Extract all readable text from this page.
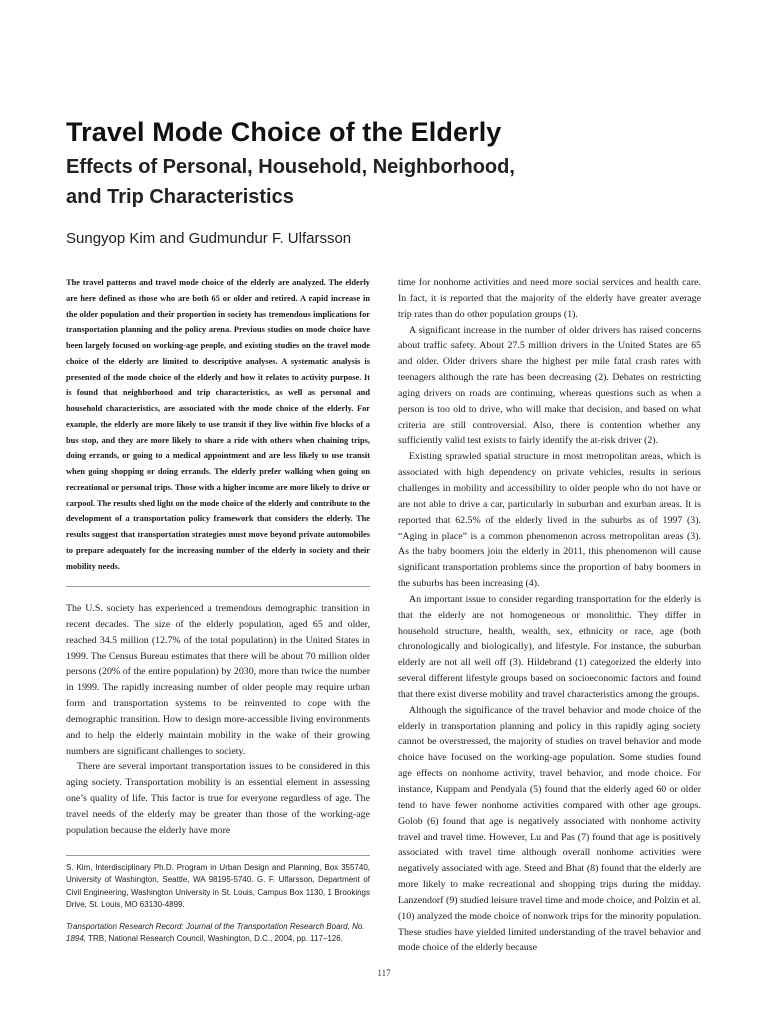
Travel Mode Choice of the Elderly
Effects of Personal, Household, Neighborhood,
and Trip Characteristics

Sungyop Kim and Gudmundur F. Ulfarsson

The travel patterns and travel mode choice of the elderly are analyzed. The elderly are here defined as those who are both 65 or older and retired. A rapid increase in the older population and their proportion in society has tremendous implications for transportation planning and the policy arena. Previous studies on mode choice have been largely focused on working-age people, and existing studies on the travel mode choice of the elderly are limited to descriptive analyses. A systematic analysis is presented of the mode choice of the elderly and how it relates to activity purpose. It is found that neighborhood and trip characteristics, as well as personal and household characteristics, are associated with the mode choice of the elderly. For example, the elderly are more likely to use transit if they live within five blocks of a bus stop, and they are more likely to share a ride with others when chaining trips, doing errands, or going to a medical appointment and are less likely to use transit when going shopping or doing errands. The elderly prefer walking when going on recreational or personal trips. Those with a higher income are more likely to drive or carpool. The results shed light on the mode choice of the elderly and contribute to the development of a transportation policy framework that considers the elderly. The results suggest that transportation strategies must move beyond private automobiles to prepare adequately for the increasing number of the elderly in society and their mobility needs.

The U.S. society has experienced a tremendous demographic transition in recent decades. The size of the elderly population, aged 65 and older, reached 34.5 million (12.7% of the total population) in the United States in 1999. The Census Bureau estimates that there will be about 70 million older persons (20% of the entire population) by 2030, more than twice the number in 1999. The rapidly increasing number of older people may require urban form and transportation systems to be reinvented to cope with the demographic transition. How to design more-accessible living environments and to help the elderly maintain mobility in the wake of their growing numbers are significant challenges to society.

There are several important transportation issues to be considered in this aging society. Transportation mobility is an essential element in assessing one’s quality of life. This factor is true for everyone regardless of age. The travel needs of the elderly may be greater than those of the working-age population because the elderly have more

S. Kim, Interdisciplinary Ph.D. Program in Urban Design and Planning, Box 355740, University of Washington, Seattle, WA 98195-5740. G. F. Ulfarsson, Department of Civil Engineering, Washington University in St. Louis, Campus Box 1130, 1 Brookings Drive, St. Louis, MO 63130-4899.

Transportation Research Record: Journal of the Transportation Research Board, No. 1894, TRB, National Research Council, Washington, D.C., 2004, pp. 117–126.

time for nonhome activities and need more social services and health care. In fact, it is reported that the majority of the elderly have greater average trip rates than do other population groups (1).

A significant increase in the number of older drivers has raised concerns about traffic safety. About 27.5 million drivers in the United States are 65 and older. Older drivers share the highest per mile fatal crash rates with teenagers although the rate has been decreasing (2). Debates on restricting aging drivers on roads are continuing, whereas questions such as when a person is too old to drive, who will make that decision, and based on what criteria are still controversial. Also, there is contention whether any sufficiently valid test exists to fairly identify the at-risk driver (2).

Existing sprawled spatial structure in most metropolitan areas, which is associated with high dependency on private vehicles, results in serious challenges in mobility and accessibility to older people who do not have or are not able to drive a car, particularly in suburban and exurban areas. It is reported that 62.5% of the elderly lived in the suburbs as of 1997 (3). “Aging in place” is a common phenomenon across metropolitan areas (3). As the baby boomers join the elderly in 2011, this phenomenon will cause significant transportation problems since the proportion of baby boomers in the suburbs has been increasing (4).

An important issue to consider regarding transportation for the elderly is that the elderly are not homogeneous or monolithic. They differ in household structure, health, wealth, sex, ethnicity or race, age (both chronologically and biologically), and lifestyle. For instance, the suburban elderly are not all well off (3). Hildebrand (1) categorized the elderly into several different lifestyle groups based on socioeconomic factors and found that there exist diverse mobility and travel characteristics among the groups.

Although the significance of the travel behavior and mode choice of the elderly in transportation planning and policy in this rapidly aging society cannot be overstressed, the majority of studies on travel behavior and mode choice have focused on the working-age population. Some studies found age effects on nonhome activity, travel behavior, and mode choice. For instance, Kuppam and Pendyala (5) found that the elderly aged 60 or older tend to have fewer nonhome activities compared with other age groups. Golob (6) found that age is negatively associated with nonhome activity travel and travel time. However, Lu and Pas (7) found that age is positively associated with travel time although overall nonhome activities were negatively associated with age. Steed and Bhat (8) found that the elderly are more likely to make recreational and shopping trips during the midday. Lanzendorf (9) studied leisure travel time and mode choice, and Polzin et al. (10) analyzed the mode choice of nonwork trips for the minority population. These studies have yielded limited understanding of the travel behavior and mode choice of the elderly because

117
